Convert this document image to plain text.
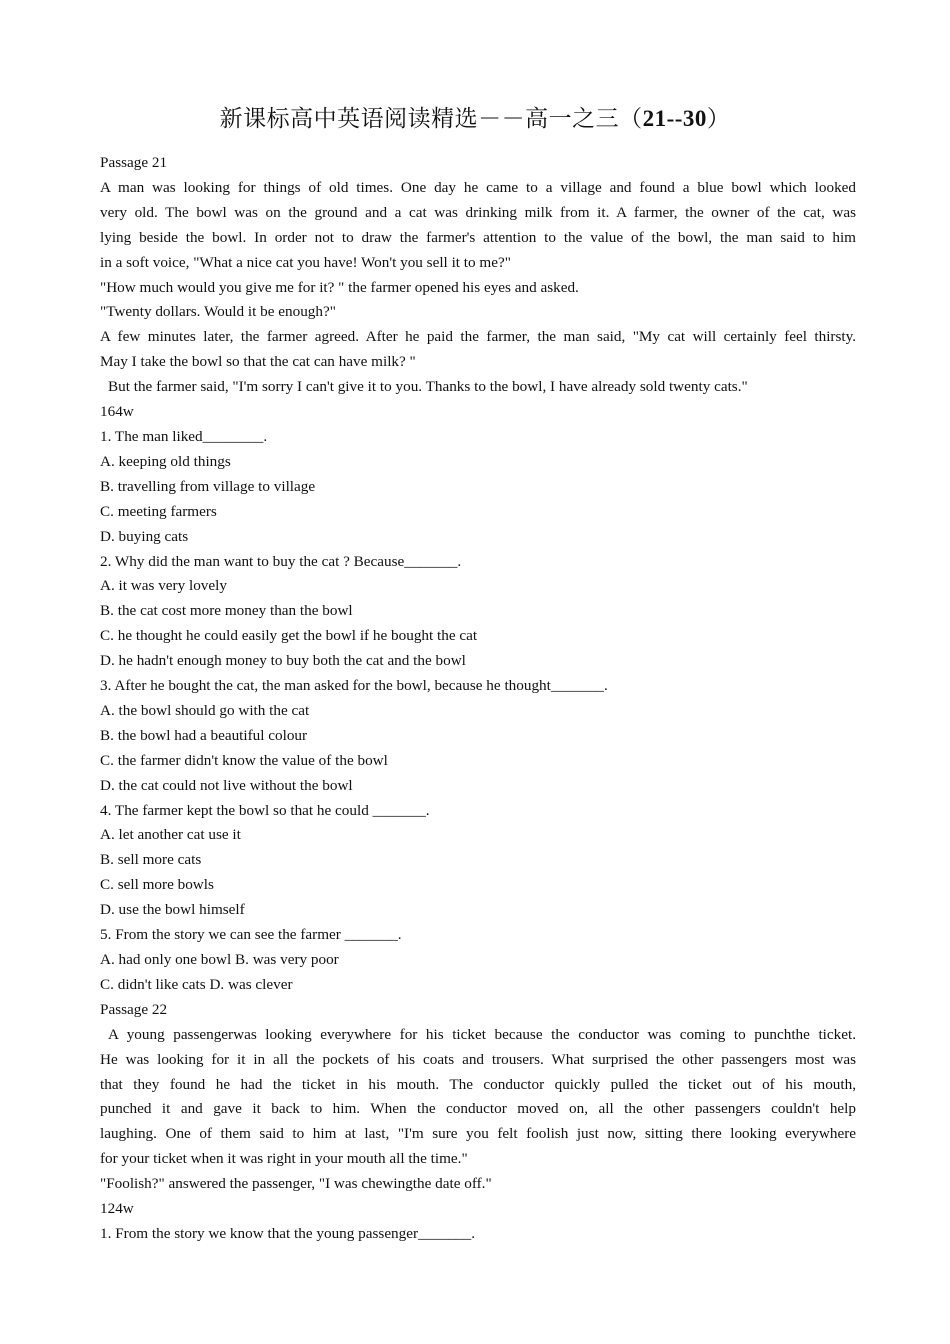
新课标高中英语阅读精选－－高一之三（21--30）
Passage 21
A man was looking for things of old times. One day he came to a village and found a blue bowl which looked
very old. The bowl was on the ground and a cat was drinking milk from it. A farmer, the owner of the cat, was
lying beside the bowl. In order not to draw the farmer's attention to the value of the bowl, the man said to him
in a soft voice, "What a nice cat you have! Won't you sell it to me?"
"How much would you give me for it? " the farmer opened his eyes and asked.
"Twenty dollars. Would it be enough?"
A few minutes later, the farmer agreed. After he paid the farmer, the man said, "My cat will certainly feel thirsty.
May I take the bowl so that the cat can have milk? "
But the farmer said, "I'm sorry I can't give it to you. Thanks to the bowl, I have already sold twenty cats."
164w
1. The man liked________.
A. keeping old things
B. travelling from village to village
C. meeting farmers
D. buying cats
2. Why did the man want to buy the cat ? Because_______.
A. it was very lovely
B. the cat cost more money than the bowl
C. he thought he could easily get the bowl if he bought the cat
D. he hadn't enough money to buy both the cat and the bowl
3. After he bought the cat, the man asked for the bowl, because he thought_______.
A. the bowl should go with the cat
B. the bowl had a beautiful colour
C. the farmer didn't know the value of the bowl
D. the cat could not live without the bowl
4. The farmer kept the bowl so that he could _______.
A. let another cat use it
B. sell more cats
C. sell more bowls
D. use the bowl himself
5. From the story we can see the farmer _______.
A. had only one bowl B. was very poor
C. didn't like cats D. was clever
Passage 22
A young passengerwas looking everywhere for his ticket because the conductor was coming to punchthe ticket.
He was looking for it in all the pockets of his coats and trousers. What surprised the other passengers most was
that they found he had the ticket in his mouth. The conductor quickly pulled the ticket out of his mouth,
punched it and gave it back to him. When the conductor moved on, all the other passengers couldn't help
laughing. One of them said to him at last, "I'm sure you felt foolish just now, sitting there looking everywhere
for your ticket when it was right in your mouth all the time."
"Foolish?" answered the passenger, "I was chewingthe date off."
124w
1. From the story we know that the young passenger_______.
